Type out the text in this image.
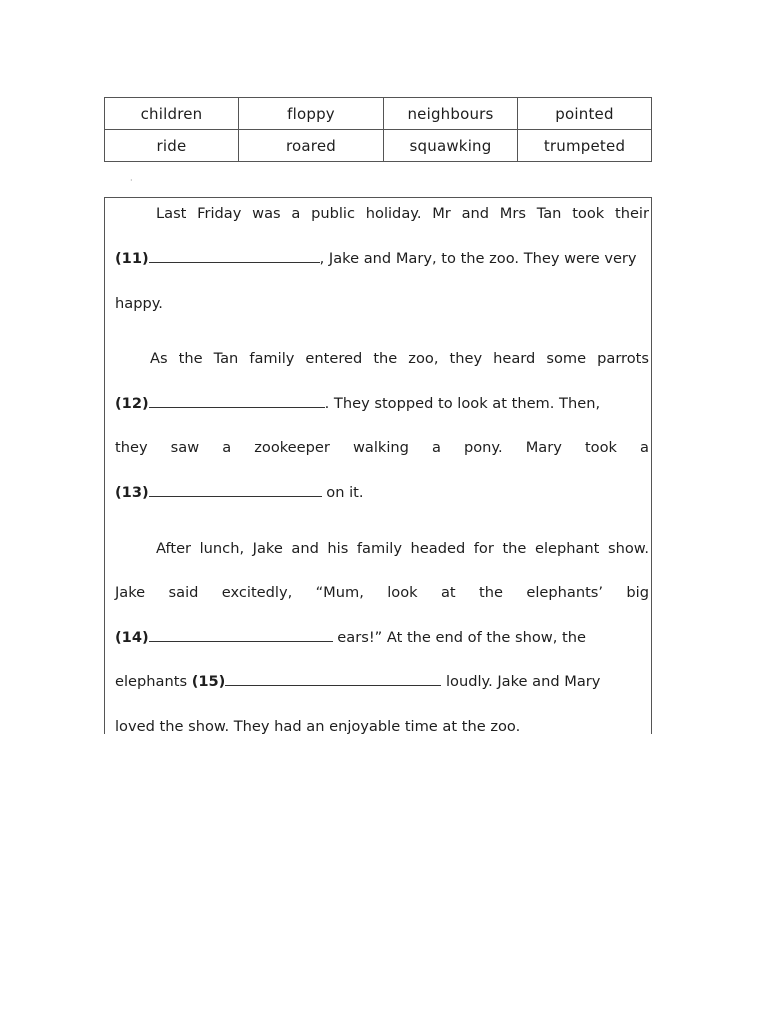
children	floppy	neighbours	pointed
ride	roared	squawking	trumpeted
·
Last Friday was a public holiday. Mr and Mrs Tan took their
(11)	, Jake and Mary, to the zoo. They were very
happy.
As the Tan family entered the zoo, they heard some parrots
(12)	. They stopped to look at them. Then,
they saw a zookeeper walking a pony. Mary took a
(13)	on it.
After lunch, Jake and his family headed for the elephant show.
Jake said excitedly, “Mum, look at the elephants’ big
(14)	ears!” At the end of the show, the
elephants (15)	loudly. Jake and Mary
loved the show. They had an enjoyable time at the zoo.
